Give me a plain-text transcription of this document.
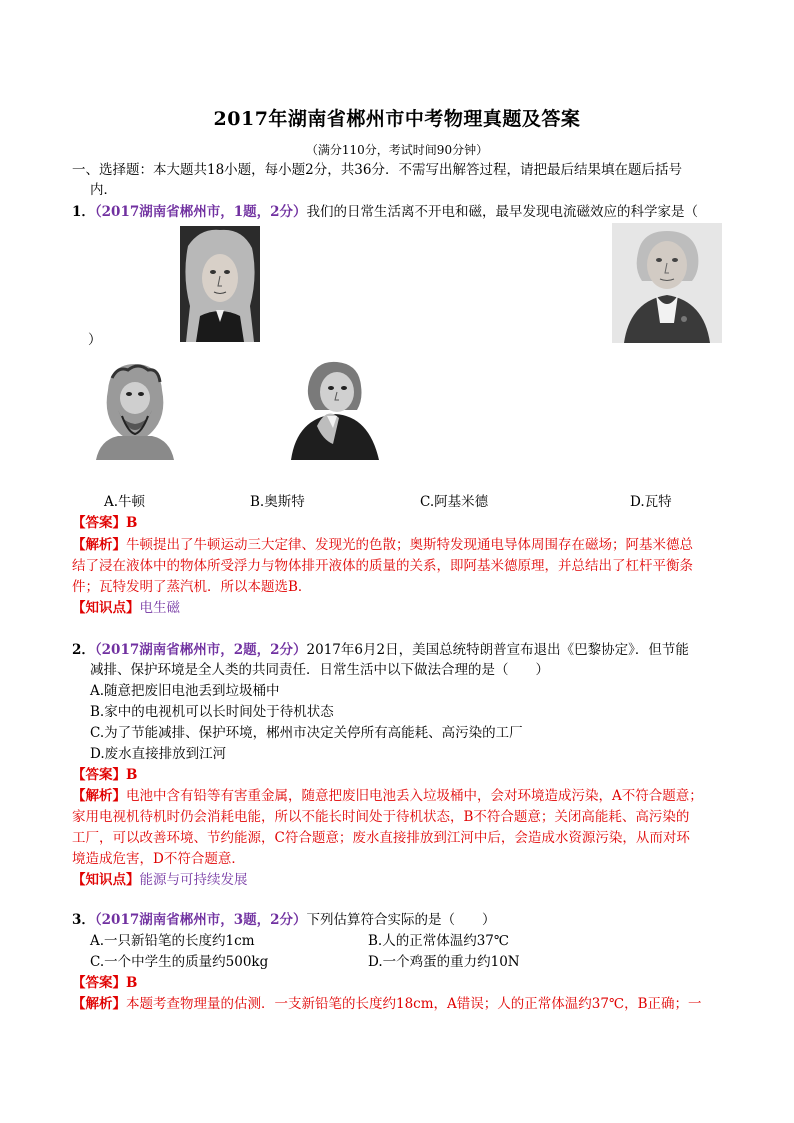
2017年湖南省郴州市中考物理真题及答案
（满分110分，考试时间90分钟）
一、选择题：本大题共18小题，每小题2分，共36分．不需写出解答过程，请把最后结果填在题后括号
内．
1．（2017湖南省郴州市，1题，2分）我们的日常生活离不开电和磁，最早发现电流磁效应的科学家是（
）
A.牛顿	B.奥斯特	C.阿基米德	D.瓦特
【答案】B
【解析】牛顿提出了牛顿运动三大定律、发现光的色散；奥斯特发现通电导体周围存在磁场；阿基米德总
结了浸在液体中的物体所受浮力与物体排开液体的质量的关系，即阿基米德原理，并总结出了杠杆平衡条
件；瓦特发明了蒸汽机．所以本题选B．
【知识点】电生磁
2．（2017湖南省郴州市，2题，2分）2017年6月2日，美国总统特朗普宣布退出《巴黎协定》．但节能
减排、保护环境是全人类的共同责任．日常生活中以下做法合理的是（　　）
A.随意把废旧电池丢到垃圾桶中
B.家中的电视机可以长时间处于待机状态
C.为了节能减排、保护环境，郴州市决定关停所有高能耗、高污染的工厂
D.废水直接排放到江河
【答案】B
【解析】电池中含有铅等有害重金属，随意把废旧电池丢入垃圾桶中，会对环境造成污染，A不符合题意；
家用电视机待机时仍会消耗电能，所以不能长时间处于待机状态，B不符合题意；关闭高能耗、高污染的
工厂，可以改善环境、节约能源，C符合题意；废水直接排放到江河中后，会造成水资源污染，从而对环
境造成危害，D不符合题意．
【知识点】能源与可持续发展
3．（2017湖南省郴州市，3题，2分）下列估算符合实际的是（　　）
A.一只新铅笔的长度约1cm	B.人的正常体温约37℃
C.一个中学生的质量约500kg	D.一个鸡蛋的重力约10N
【答案】B
【解析】本题考查物理量的估测．一支新铅笔的长度约18cm，A错误；人的正常体温约37℃，B正确；一
